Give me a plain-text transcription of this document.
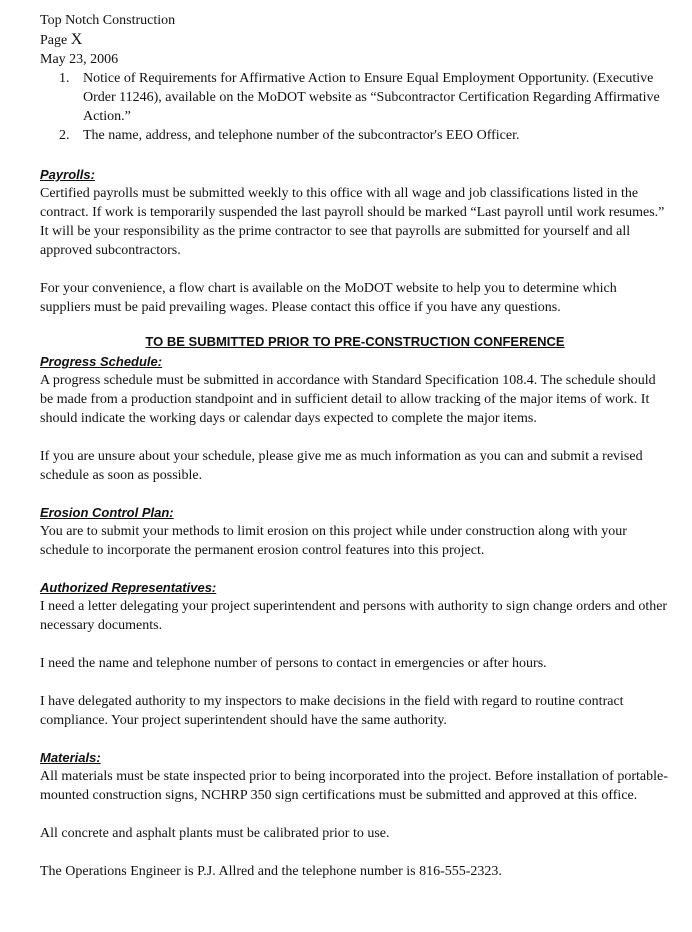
Top Notch Construction
Page X
May 23, 2006
1. Notice of Requirements for Affirmative Action to Ensure Equal Employment Opportunity. (Executive Order 11246), available on the MoDOT website as “Subcontractor Certification Regarding Affirmative Action.”
2. The name, address, and telephone number of the subcontractor's EEO Officer.
Payrolls:
Certified payrolls must be submitted weekly to this office with all wage and job classifications listed in the contract. If work is temporarily suspended the last payroll should be marked “Last payroll until work resumes.” It will be your responsibility as the prime contractor to see that payrolls are submitted for yourself and all approved subcontractors.
For your convenience, a flow chart is available on the MoDOT website to help you to determine which suppliers must be paid prevailing wages. Please contact this office if you have any questions.
TO BE SUBMITTED PRIOR TO PRE-CONSTRUCTION CONFERENCE
Progress Schedule:
A progress schedule must be submitted in accordance with Standard Specification 108.4. The schedule should be made from a production standpoint and in sufficient detail to allow tracking of the major items of work. It should indicate the working days or calendar days expected to complete the major items.
If you are unsure about your schedule, please give me as much information as you can and submit a revised schedule as soon as possible.
Erosion Control Plan:
You are to submit your methods to limit erosion on this project while under construction along with your schedule to incorporate the permanent erosion control features into this project.
Authorized Representatives:
I need a letter delegating your project superintendent and persons with authority to sign change orders and other necessary documents.
I need the name and telephone number of persons to contact in emergencies or after hours.
I have delegated authority to my inspectors to make decisions in the field with regard to routine contract compliance. Your project superintendent should have the same authority.
Materials:
All materials must be state inspected prior to being incorporated into the project. Before installation of portable-mounted construction signs, NCHRP 350 sign certifications must be submitted and approved at this office.
All concrete and asphalt plants must be calibrated prior to use.
The Operations Engineer is P.J. Allred and the telephone number is 816-555-2323.
